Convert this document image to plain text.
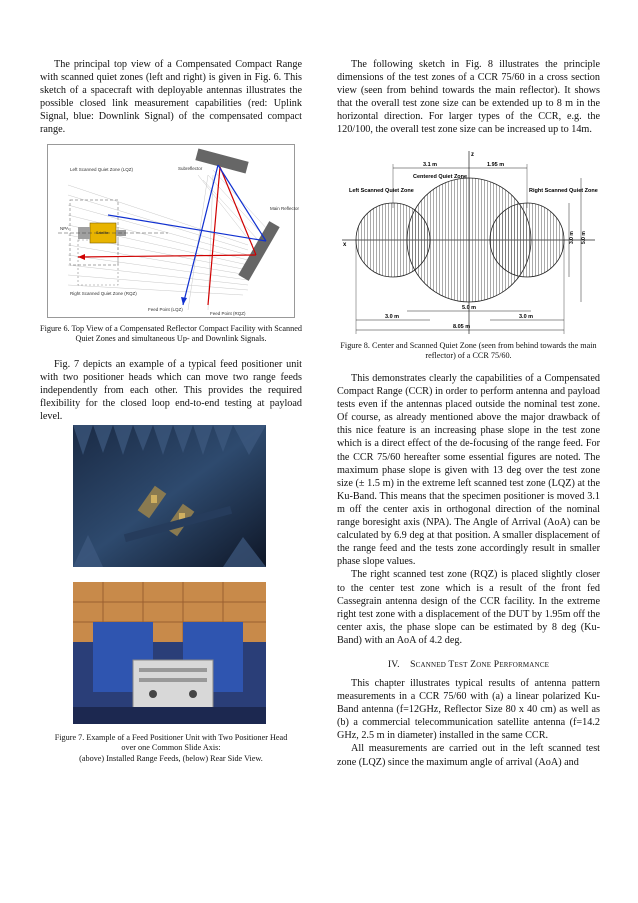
The principal top view of a Compensated Compact Range with scanned quiet zones (left and right) is given in Fig. 6. This sketch of a spacecraft with deployable antennas illustrates the possible closed link measurement capabilities (red: Uplink Signal, blue: Downlink Signal) of the compensated compact range.

Left Scanned Quiet Zone (LQZ)	Subreflector
Main Reflector
Right Scanned Quiet Zone (RQZ)
Feed Point (LQZ)
Feed Point (RQZ)
NPA
Satellite

Figure 6. Top View of a Compensated Reflector Compact Facility with Scanned Quiet Zones and simultaneous Up- and Downlink Signals.

Fig. 7 depicts an example of a typical feed positioner unit with two positioner heads which can move two range feeds independently from each other. This provides the required flexibility for the closed loop end-to-end testing at payload level.

Figure 7. Example of a Feed Positioner Unit with Two Positioner Head

over one Common Slide Axis:

(above) Installed Range Feeds, (below) Rear Side View.

The following sketch in Fig. 8 illustrates the principle dimensions of the test zones of a CCR 75/60 in a cross section view (seen from behind towards the main reflector). It shows that the overall test zone size can be extended up to 8 m in the horizontal direction. For larger types of the CCR, e.g. the 120/100, the overall test zone size can be increased up to 14m.

z
x
3.1 m	1.95 m
Centered Quiet Zone
Left Scanned Quiet Zone	Right Scanned Quiet Zone
3.0 m 5.0 m
5.0 m
3.0 m	3.0 m
8.05 m

Figure 8. Center and Scanned Quiet Zone (seen from behind towards the main reflector) of a CCR 75/60.

This demonstrates clearly the capabilities of a Compensated Compact Range (CCR) in order to perform antenna and payload tests even if the antennas placed outside the nominal test zone. Of course, as already mentioned above the major drawback of this nice feature is an increasing phase slope in the test zone which is a direct effect of the de-focusing of the range feed. For the CCR 75/60 hereafter some essential figures are noted. The maximum phase slope is given with 13 deg over the test zone size (± 1.5 m) in the extreme left scanned test zone (LQZ) at the Ku-Band. This means that the specimen positioner is moved 3.1 m off the center axis in orthogonal direction of the nominal range boresight axis (NPA). The Angle of Arrival (AoA) can be calculated by 6.9 deg at that position. A smaller displacement of the range feed and the tests zone accordingly result in smaller phase slope values.

The right scanned test zone (RQZ) is placed slightly closer to the center test zone which is a result of the front fed Cassegrain antenna design of the CCR facility. In the extreme right test zone with a displacement of the DUT by 1.95m off the center axis, the phase slope can be estimated by 8 deg (Ku-Band) with an AoA of 4.2 deg.

IV. Scanned Test Zone Performance

This chapter illustrates typical results of antenna pattern measurements in a CCR 75/60 with (a) a linear polarized Ku-Band antenna (f=12GHz, Reflector Size 80 x 40 cm) as well as (b) a commercial telecommunication satellite antenna (f=14.2 GHz, 2.5 m in diameter) installed in the same CCR.

All measurements are carried out in the left scanned test zone (LQZ) since the maximum angle of arrival (AoA) and
